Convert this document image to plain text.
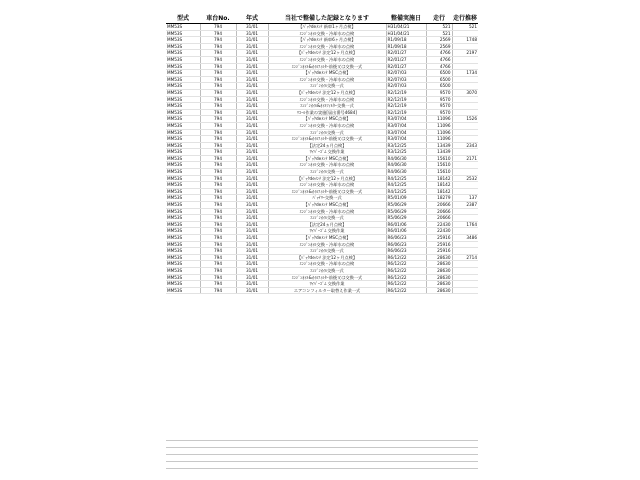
型式	車台No.	年式	当社で整備した記録となります	整備実施日	走行	走行推移
MM53S	794	31/01	【ﾊﾟｯｸdeﾒﾝﾃ 新車1ヶ月点検】	H31/04/21	521	521
MM53S	794	31/01	ｴﾝｼﾞﾝｵｲﾙ交換・冷却水の点検	H31/04/21	521	
MM53S	794	31/01	【ﾊﾟｯｸdeﾒﾝﾃ 新車6ヶ月点検】	R1/09/18	2569	1748
MM53S	794	31/01	ｴﾝｼﾞﾝｵｲﾙ交換・冷却水の点検	R1/09/18	2569	
MM53S	794	31/01	【ﾊﾟｯｸdeﾒﾝﾃ 法定12ヶ月点検】	R2/01/27	4766	2197
MM53S	794	31/01	ｴﾝｼﾞﾝｵｲﾙ交換・冷却水の点検	R2/01/27	4766	
MM53S	794	31/01	ｴﾝｼﾞﾝｵｲﾙ&ｵｲﾙﾌｨﾙﾀｰ前後又は交換一式	R2/01/27	4766	
MM53S	794	31/01	【ﾊﾟｯｸdeﾒﾝﾃ MSC点検】	R2/07/03	6500	1734
MM53S	794	31/01	ｴﾝｼﾞﾝｵｲﾙ交換・冷却水の点検	R2/07/03	6500	
MM53S	794	31/01	ｴﾝｼﾞﾝｵｲﾙ交換一式	R2/07/03	6500	
MM53S	794	31/01	【ﾊﾟｯｸdeﾒﾝﾃ 法定12ヶ月点検】	R2/12/19	9570	3070
MM53S	794	31/01	ｴﾝｼﾞﾝｵｲﾙ交換・冷却水の点検	R2/12/19	9570	
MM53S	794	31/01	ｴﾝｼﾞﾝｵｲﾙ&ｵｲﾙﾌｨﾙﾀｰ交換一式	R2/12/19	9570	
MM53S	794	31/01	ﾘｺｰﾙ作業の実施[届出番号4684]	R2/12/19	9570	
MM53S	794	31/01	【ﾊﾟｯｸdeﾒﾝﾃ MSC点検】	R3/07/04	11096	1526
MM53S	794	31/01	ｴﾝｼﾞﾝｵｲﾙ交換・冷却水の点検	R3/07/04	11096	
MM53S	794	31/01	ｴﾝｼﾞﾝｵｲﾙ交換一式	R3/07/04	11096	
MM53S	794	31/01	ｴﾝｼﾞﾝｵｲﾙ&ｵｲﾙﾌｨﾙﾀｰ前後又は交換一式	R3/07/04	11096	
MM53S	794	31/01	【法定24ヵ月点検】	R3/12/25	13439	2343
MM53S	794	31/01	ﾜｲﾊﾟｰｺﾞﾑ 交換作業	R3/12/25	13439	
MM53S	794	31/01	【ﾊﾟｯｸdeﾒﾝﾃ MSC点検】	R4/06/30	15610	2171
MM53S	794	31/01	ｴﾝｼﾞﾝｵｲﾙ交換・冷却水の点検	R4/06/30	15610	
MM53S	794	31/01	ｴﾝｼﾞﾝｵｲﾙ交換一式	R4/06/30	15610	
MM53S	794	31/01	【ﾊﾟｯｸdeﾒﾝﾃ 法定12ヶ月点検】	R4/12/25	18142	2532
MM53S	794	31/01	ｴﾝｼﾞﾝｵｲﾙ交換・冷却水の点検	R4/12/25	18142	
MM53S	794	31/01	ｴﾝｼﾞﾝｵｲﾙ&ｵｲﾙﾌｨﾙﾀｰ前後又は交換一式	R4/12/25	18142	
MM53S	794	31/01	ﾊﾞｯﾃﾘｰ交換一式	R5/01/09	18279	137
MM53S	794	31/01	【ﾊﾟｯｸdeﾒﾝﾃ MSC点検】	R5/06/29	20666	2387
MM53S	794	31/01	ｴﾝｼﾞﾝｵｲﾙ交換・冷却水の点検	R5/06/29	20666	
MM53S	794	31/01	ｴﾝｼﾞﾝｵｲﾙ交換一式	R5/06/29	20666	
MM53S	794	31/01	【法定24ヵ月点検】	R6/01/06	22430	1764
MM53S	794	31/01	ﾜｲﾊﾟｰｺﾞﾑ 交換作業	R6/01/06	22430	
MM53S	794	31/01	【ﾊﾟｯｸdeﾒﾝﾃ MSC点検】	R6/06/23	25916	3486
MM53S	794	31/01	ｴﾝｼﾞﾝｵｲﾙ交換・冷却水の点検	R6/06/23	25916	
MM53S	794	31/01	ｴﾝｼﾞﾝｵｲﾙ交換一式	R6/06/23	25916	
MM53S	794	31/01	【ﾊﾟｯｸdeﾒﾝﾃ 法定12ヶ月点検】	R6/12/22	28630	2714
MM53S	794	31/01	ｴﾝｼﾞﾝｵｲﾙ交換・冷却水の点検	R6/12/22	28630	
MM53S	794	31/01	ｴﾝｼﾞﾝｵｲﾙ交換一式	R6/12/22	28630	
MM53S	794	31/01	ｴﾝｼﾞﾝｵｲﾙ&ｵｲﾙﾌｨﾙﾀｰ前後又は交換一式	R6/12/22	28630	
MM53S	794	31/01	ﾜｲﾊﾟｰｺﾞﾑ 交換作業	R6/12/22	28630	
MM53S	794	31/01	エアコンフィルター取替え作業一式	R6/12/22	28630	
